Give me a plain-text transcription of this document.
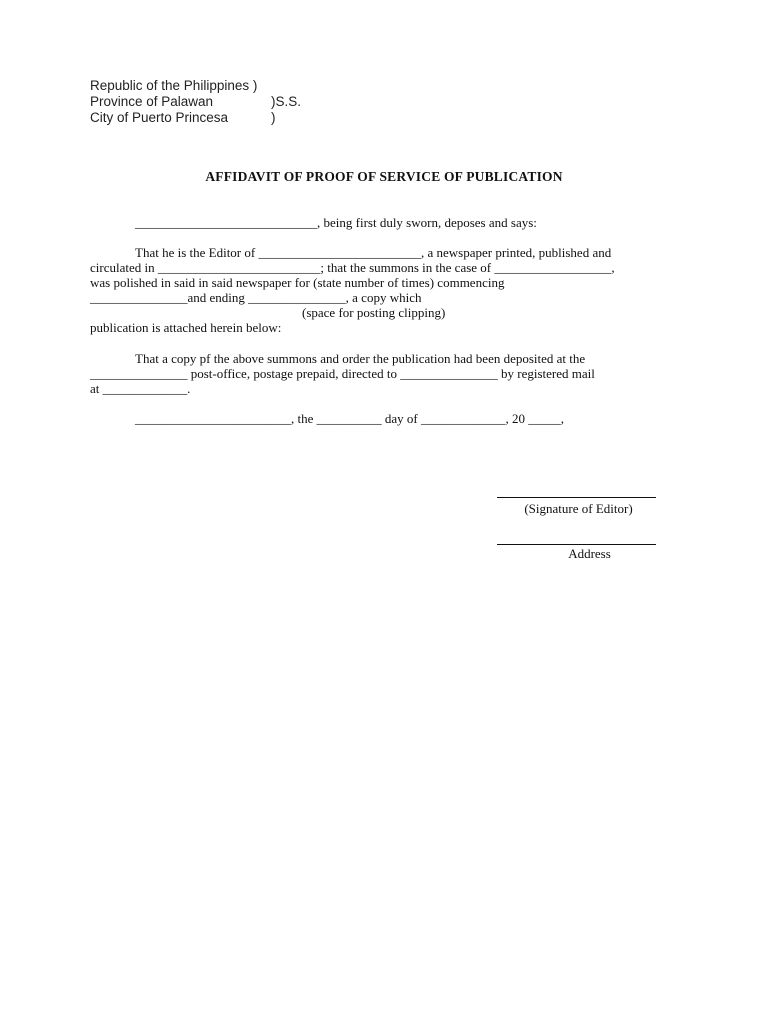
Republic of the Philippines )
Province of Palawan	)S.S.
City of Puerto Princesa	)
AFFIDAVIT OF PROOF OF SERVICE OF PUBLICATION
____________________________, being first duly sworn, deposes and says:
That he is the Editor of _________________________, a newspaper printed, published and
circulated in _________________________; that the summons in the case of __________________,
was polished in said in said newspaper for (state number of times) commencing
_______________and ending _______________, a copy which
(space for posting clipping)
publication is attached herein below:
That a copy pf the above summons and order the publication had been deposited at the
_______________ post-office, postage prepaid, directed to _______________ by registered mail
at _____________.
________________________, the __________ day of _____________, 20 _____,
(Signature of Editor)
Address
